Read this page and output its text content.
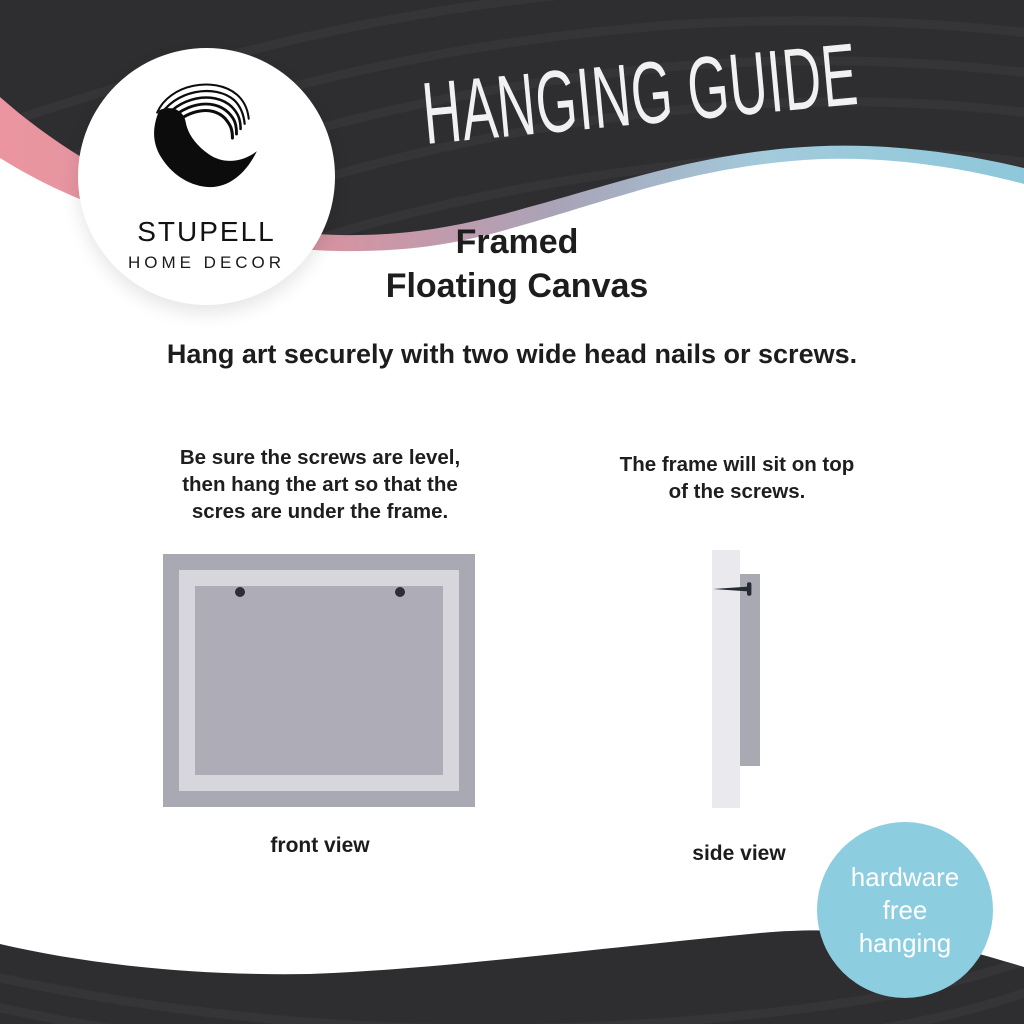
HANGING GUIDE
STUPELL
HOME DECOR
Framed
Floating Canvas
Hang art securely with two wide head nails or screws.
Be sure the screws are level,
then hang the art so that the
scres are under the frame.
front view
The frame will sit on top
of the screws.
side view
hardware
free
hanging
